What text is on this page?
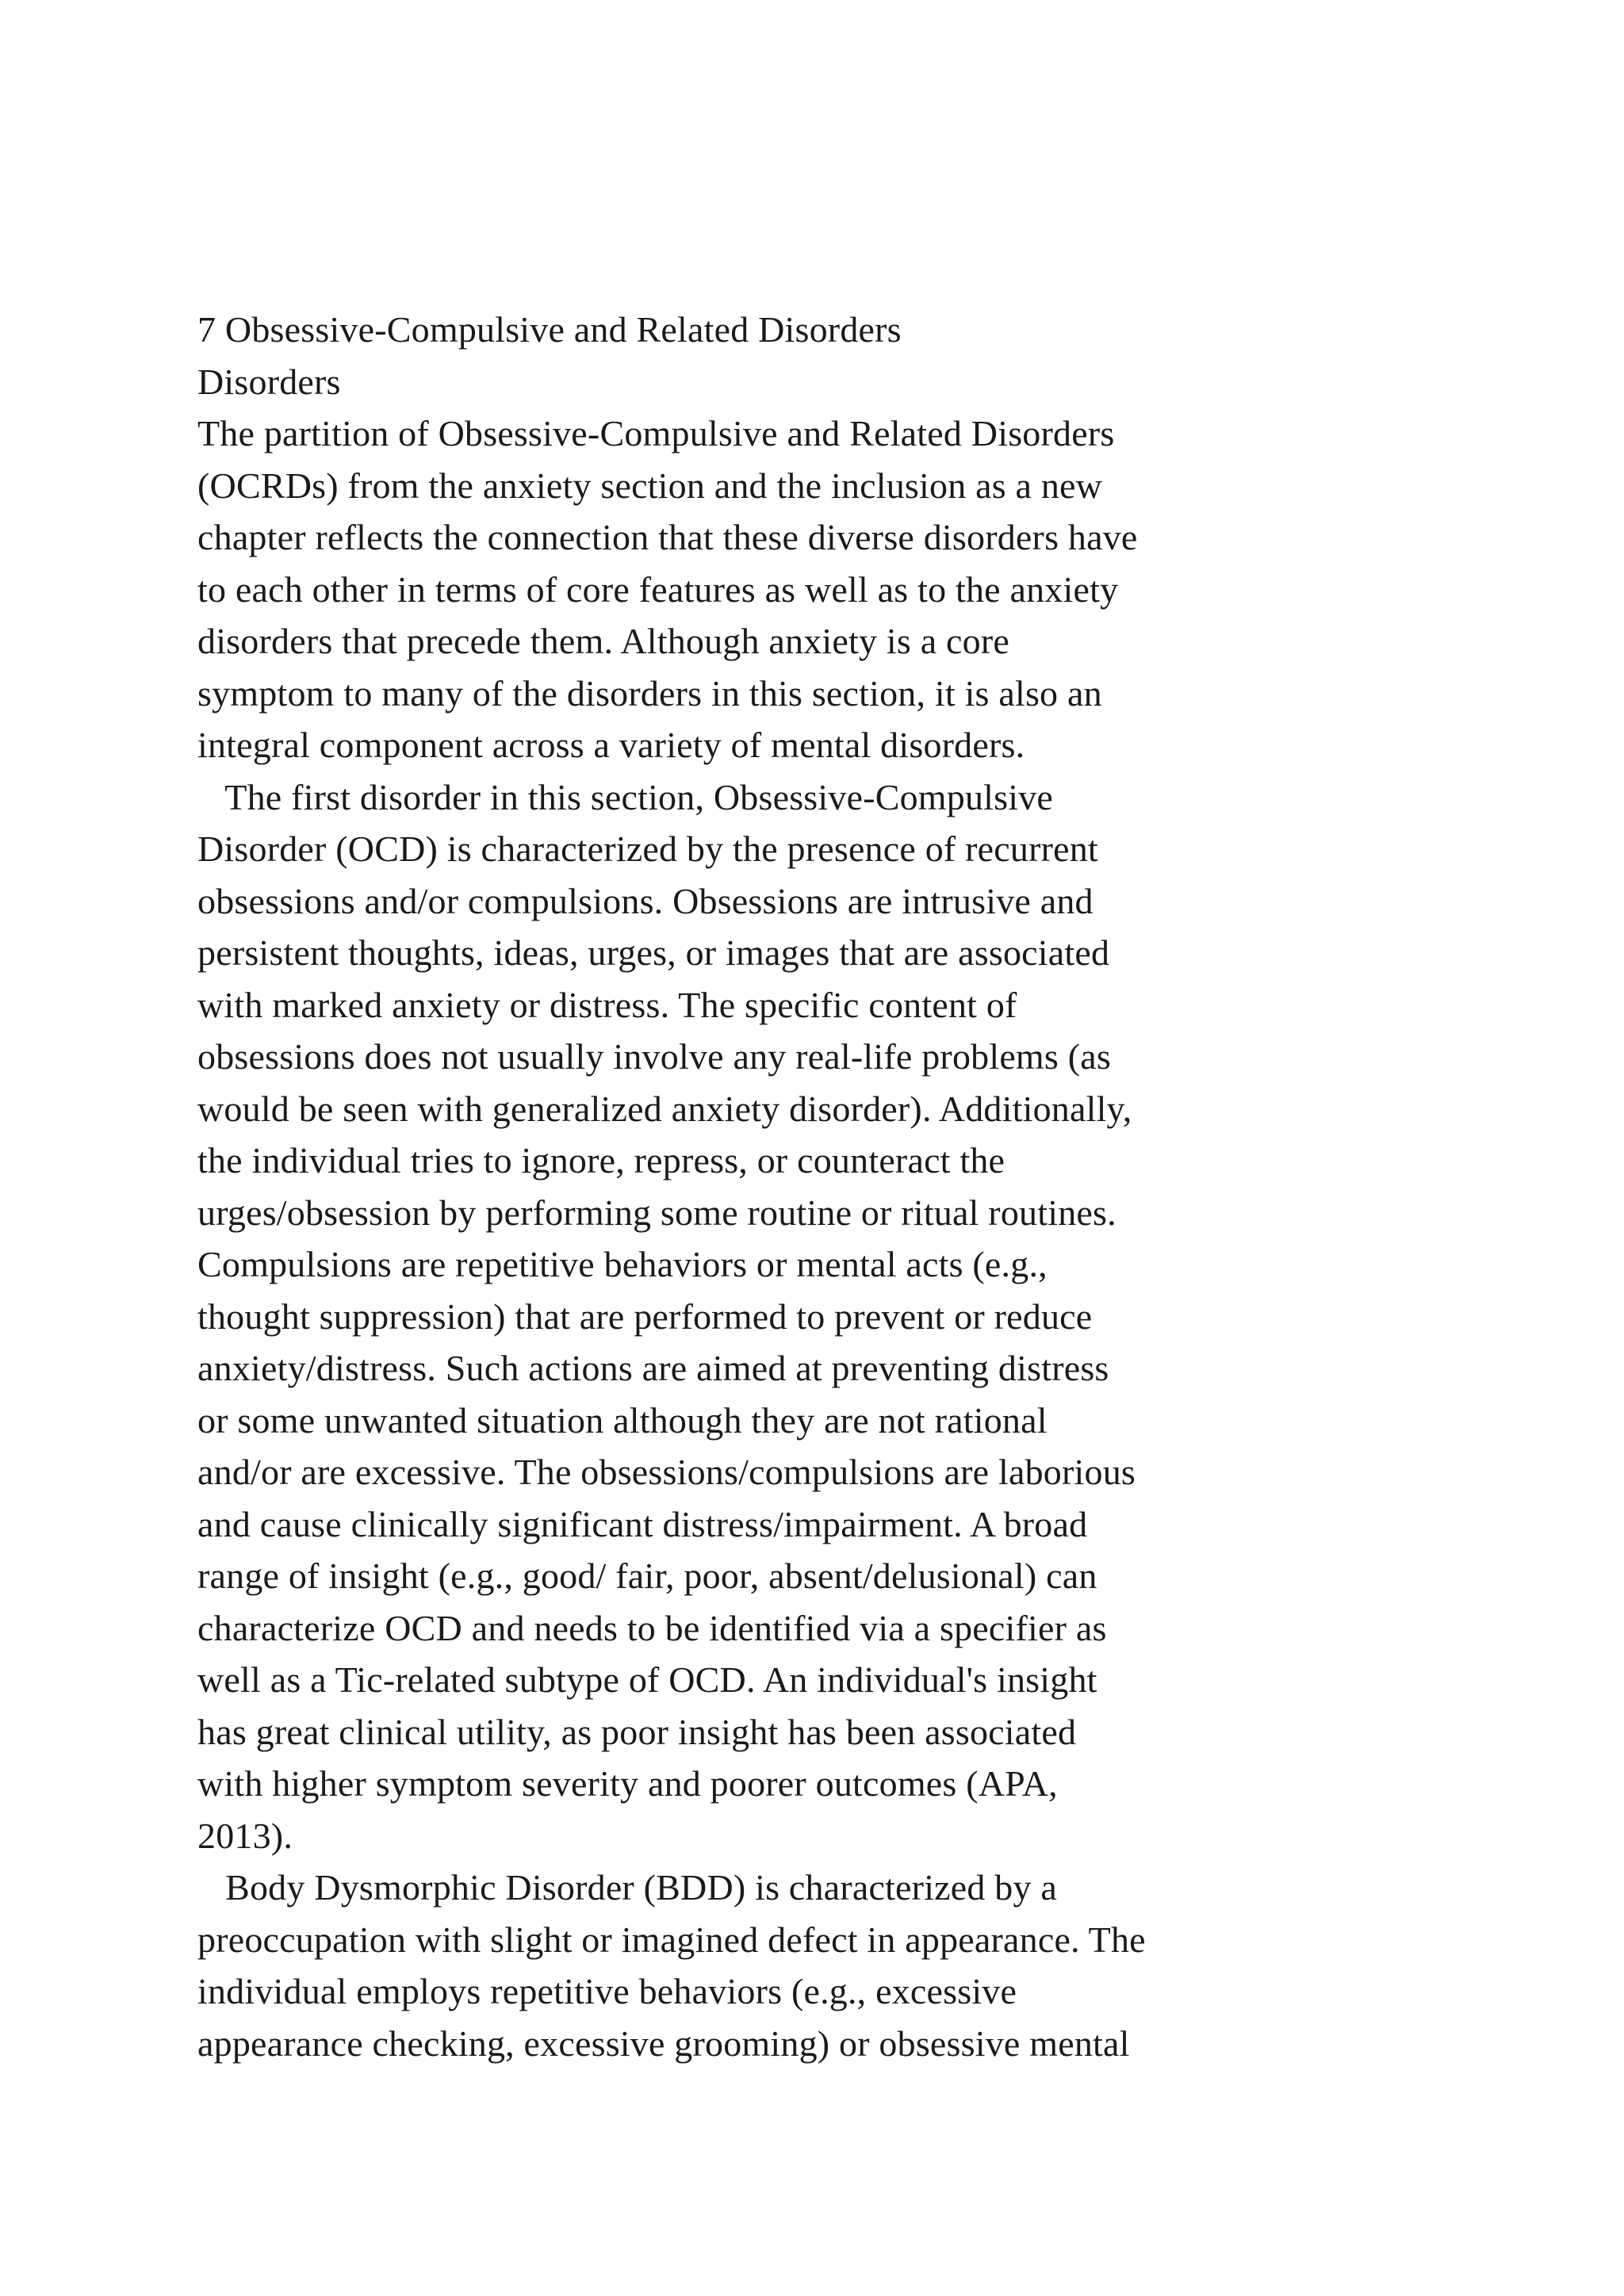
7 Obsessive-Compulsive and Related Disorders
Disorders
The partition of Obsessive-Compulsive and Related Disorders
(OCRDs) from the anxiety section and the inclusion as a new
chapter reflects the connection that these diverse disorders have
to each other in terms of core features as well as to the anxiety
disorders that precede them. Although anxiety is a core
symptom to many of the disorders in this section, it is also an
integral component across a variety of mental disorders.
The first disorder in this section, Obsessive-Compulsive
Disorder (OCD) is characterized by the presence of recurrent
obsessions and/or compulsions. Obsessions are intrusive and
persistent thoughts, ideas, urges, or images that are associated
with marked anxiety or distress. The specific content of
obsessions does not usually involve any real-life problems (as
would be seen with generalized anxiety disorder). Additionally,
the individual tries to ignore, repress, or counteract the
urges/obsession by performing some routine or ritual routines.
Compulsions are repetitive behaviors or mental acts (e.g.,
thought suppression) that are performed to prevent or reduce
anxiety/distress. Such actions are aimed at preventing distress
or some unwanted situation although they are not rational
and/or are excessive. The obsessions/compulsions are laborious
and cause clinically significant distress/impairment. A broad
range of insight (e.g., good/ fair, poor, absent/delusional) can
characterize OCD and needs to be identified via a specifier as
well as a Tic-related subtype of OCD. An individual's insight
has great clinical utility, as poor insight has been associated
with higher symptom severity and poorer outcomes (APA,
2013).
Body Dysmorphic Disorder (BDD) is characterized by a
preoccupation with slight or imagined defect in appearance. The
individual employs repetitive behaviors (e.g., excessive
appearance checking, excessive grooming) or obsessive mental
